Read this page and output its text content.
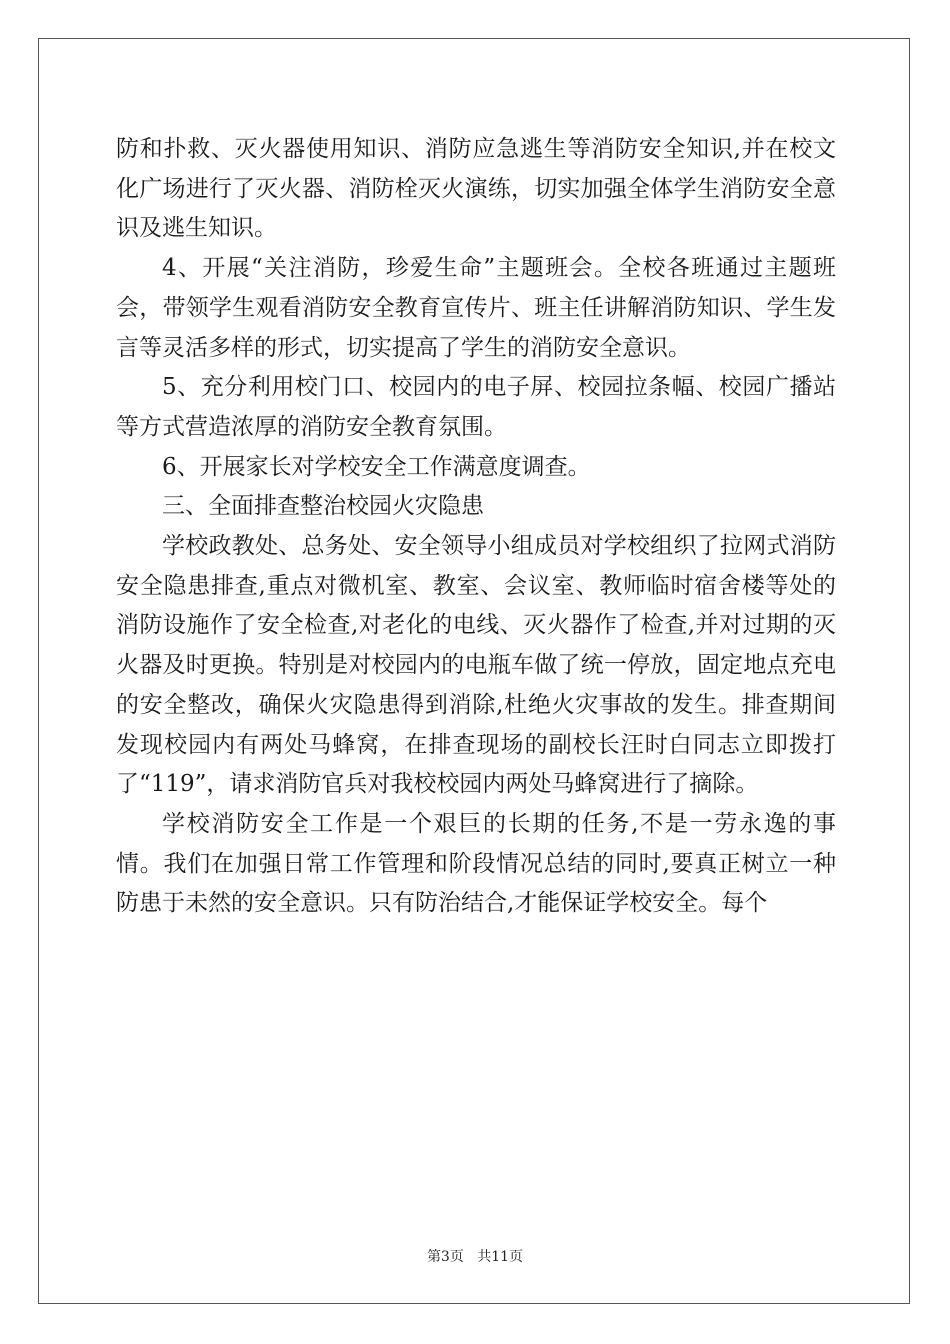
防和扑救、灭火器使用知识、消防应急逃生等消防安全知识,并在校文化广场进行了灭火器、消防栓灭火演练，切实加强全体学生消防安全意识及逃生知识。

4、开展“关注消防，珍爱生命”主题班会。全校各班通过主题班会，带领学生观看消防安全教育宣传片、班主任讲解消防知识、学生发言等灵活多样的形式，切实提高了学生的消防安全意识。

5、充分利用校门口、校园内的电子屏、校园拉条幅、校园广播站等方式营造浓厚的消防安全教育氛围。

6、开展家长对学校安全工作满意度调查。

三、全面排查整治校园火灾隐患

学校政教处、总务处、安全领导小组成员对学校组织了拉网式消防安全隐患排查,重点对微机室、教室、会议室、教师临时宿舍楼等处的消防设施作了安全检查,对老化的电线、灭火器作了检查,并对过期的灭火器及时更换。特别是对校园内的电瓶车做了统一停放，固定地点充电的安全整改，确保火灾隐患得到消除,杜绝火灾事故的发生。排查期间发现校园内有两处马蜂窝，在排查现场的副校长汪时白同志立即拨打了“119”，请求消防官兵对我校校园内两处马蜂窝进行了摘除。

学校消防安全工作是一个艰巨的长期的任务,不是一劳永逸的事情。我们在加强日常工作管理和阶段情况总结的同时,要真正树立一种防患于未然的安全意识。只有防治结合,才能保证学校安全。每个

第3页 共11页
